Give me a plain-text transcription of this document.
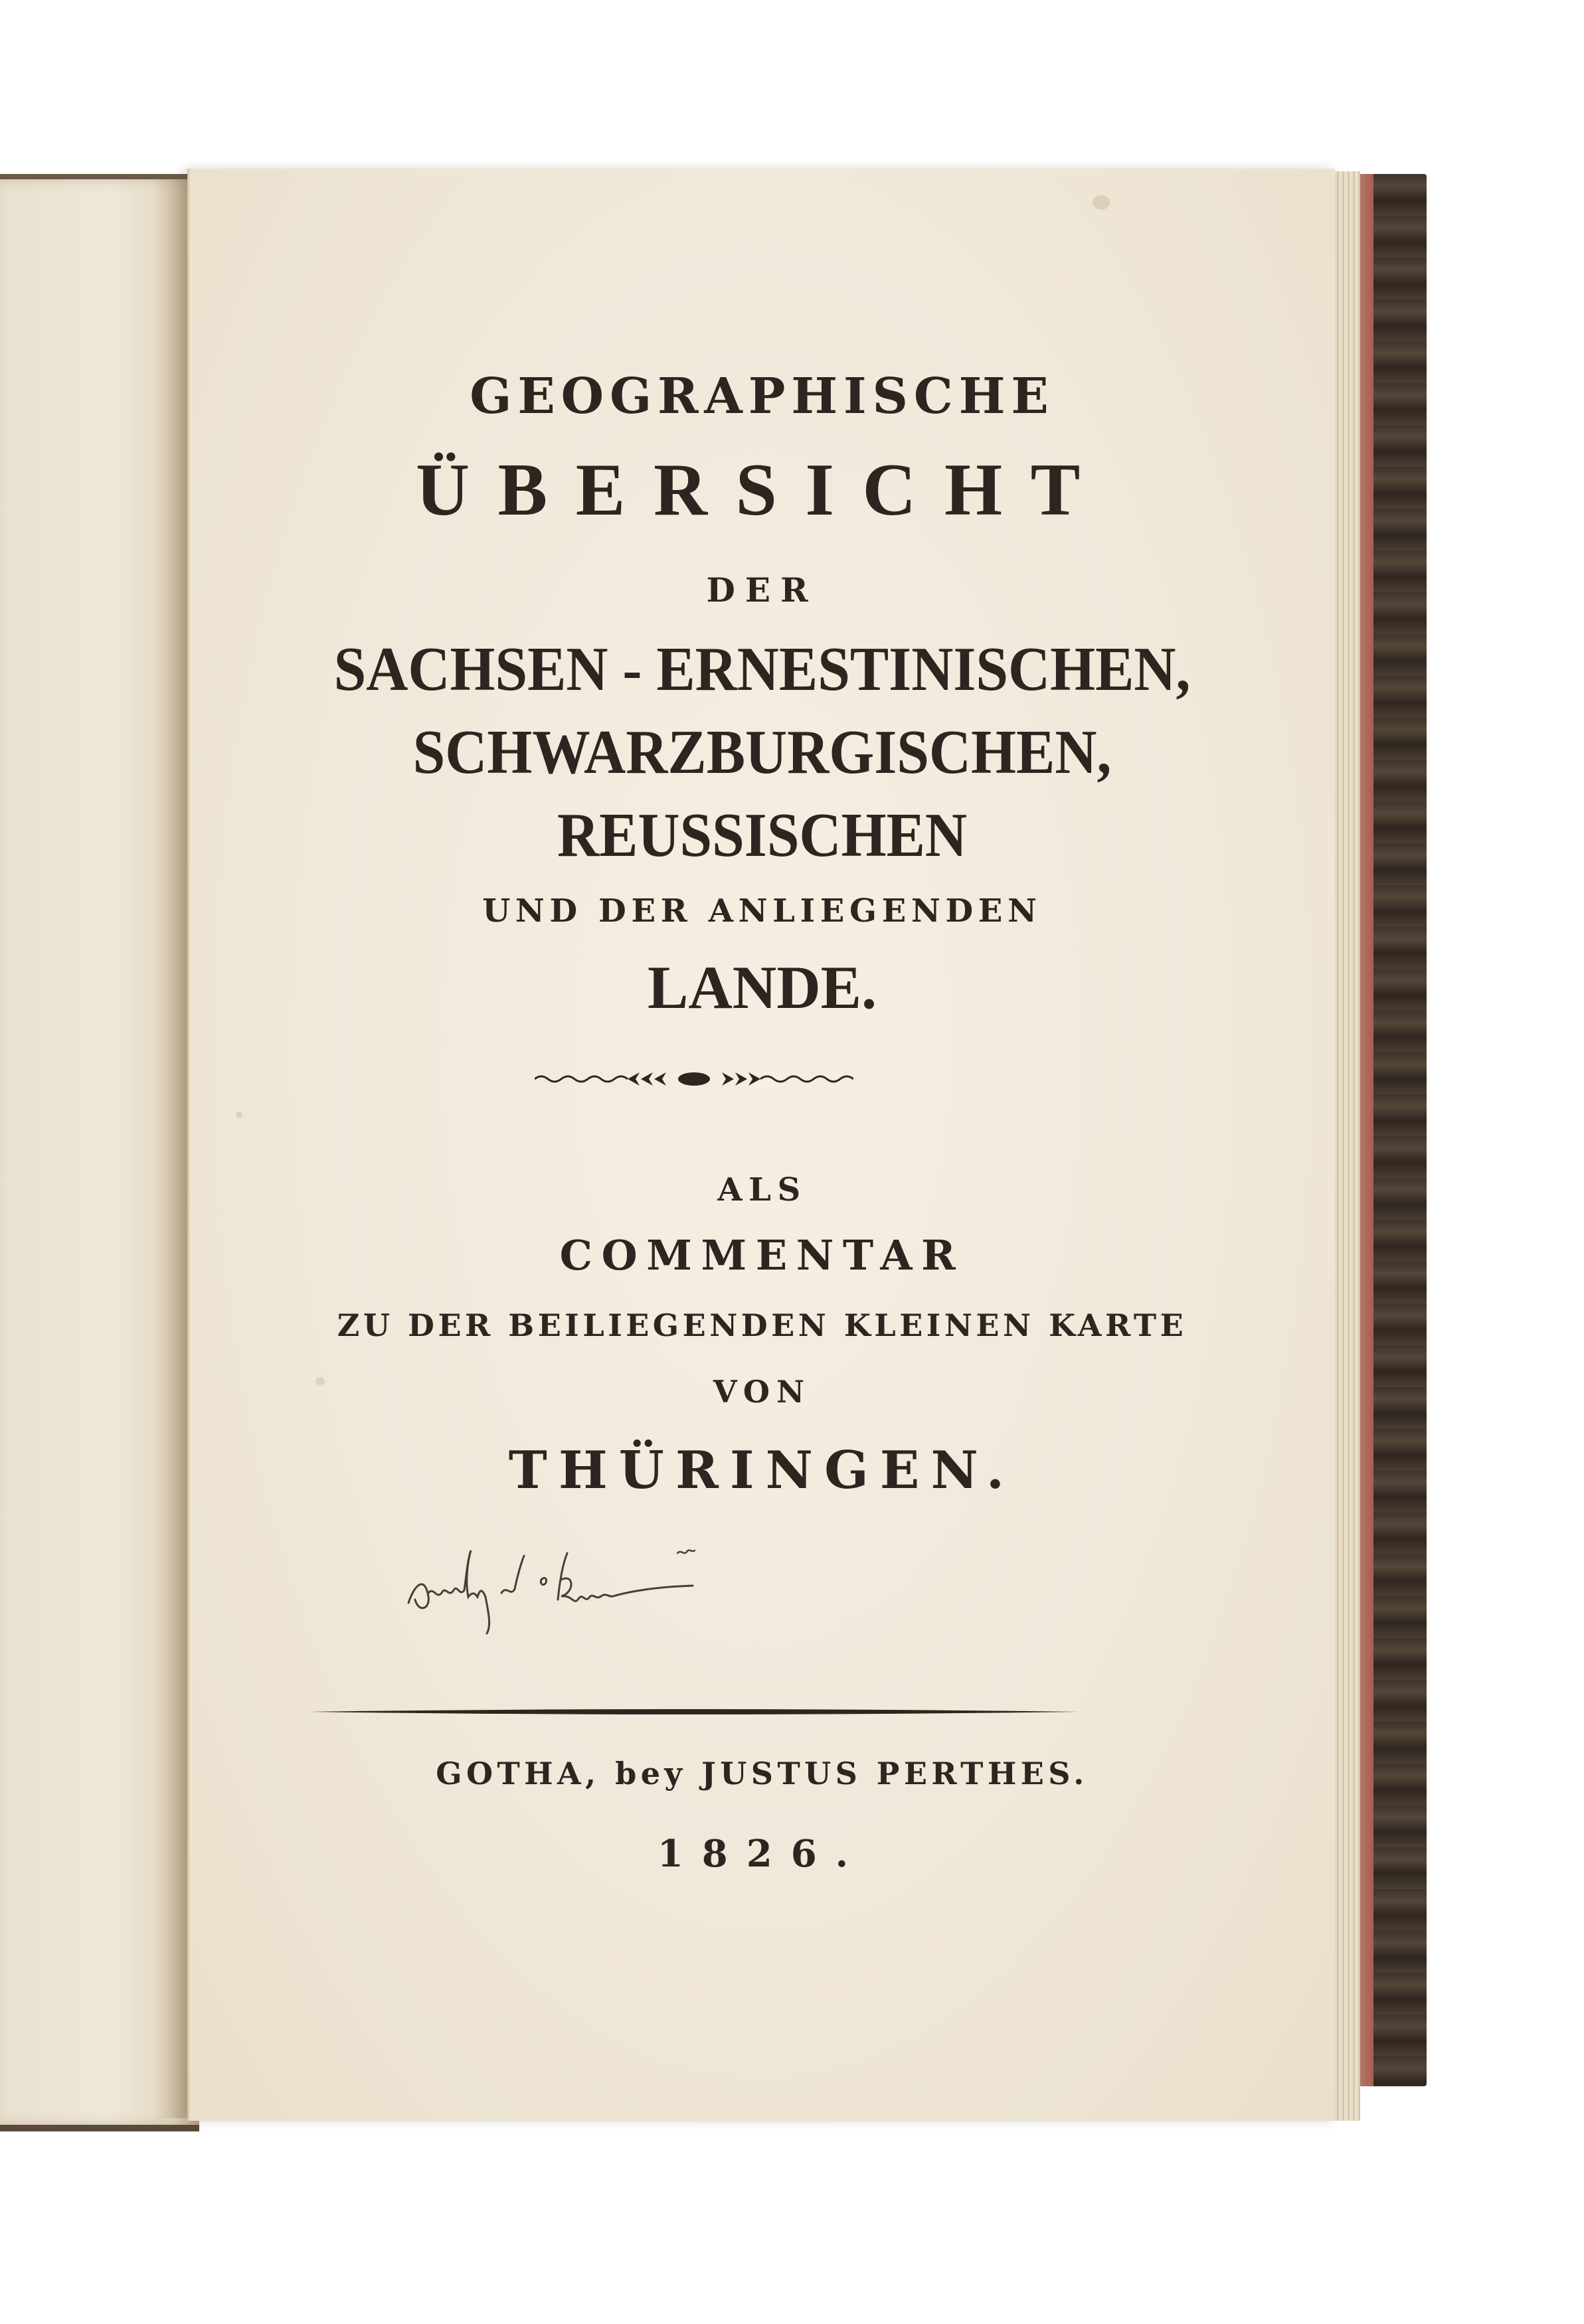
GEOGRAPHISCHE

ÜBERSICHT

DER

SACHSEN - ERNESTINISCHEN,

SCHWARZBURGISCHEN,

REUSSISCHEN

UND DER ANLIEGENDEN

LANDE.

ALS

COMMENTAR

ZU DER BEILIEGENDEN KLEINEN KARTE

VON

THÜRINGEN.

GOTHA, bey JUSTUS PERTHES.

1826.
